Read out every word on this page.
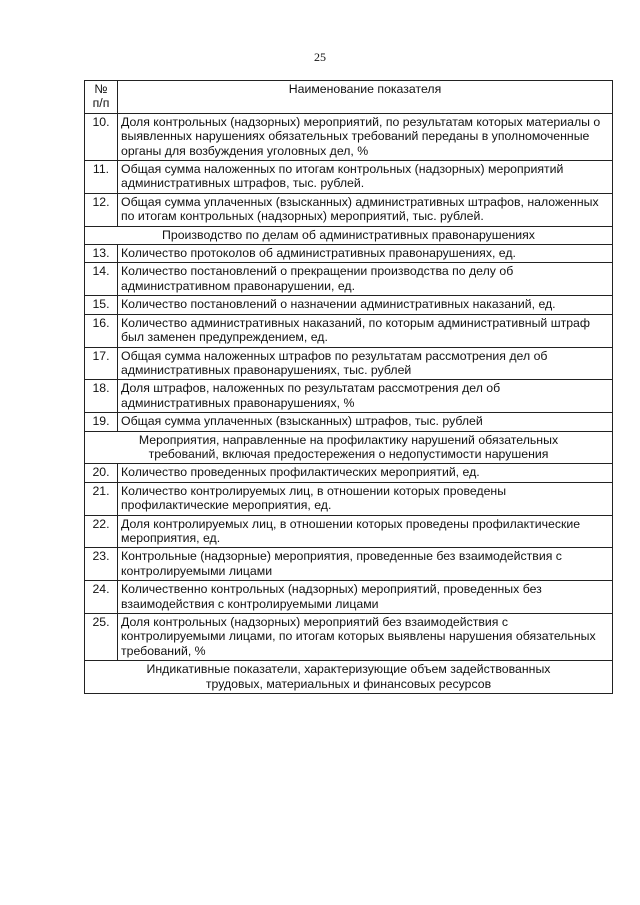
25
№
п/п	Наименование показателя
10.	Доля контрольных (надзорных) мероприятий, по результатам которых материалы о выявленных нарушениях обязательных требований переданы в уполномоченные органы для возбуждения уголовных дел, %
11.	Общая сумма наложенных по итогам контрольных (надзорных) мероприятий административных штрафов, тыс. рублей.
12.	Общая сумма уплаченных (взысканных) административных штрафов, наложенных по итогам контрольных (надзорных) мероприятий, тыс. рублей.

Производство по делам об административных правонарушениях	

13.	Количество протоколов об административных правонарушениях, ед.
14.	Количество постановлений о прекращении производства по делу об административном правонарушении, ед.
15.	Количество постановлений о назначении административных наказаний, ед.
16.	Количество административных наказаний, по которым административный штраф был заменен предупреждением, ед.
17.	Общая сумма наложенных штрафов по результатам рассмотрения дел об административных правонарушениях, тыс. рублей
18.	Доля штрафов, наложенных по результатам рассмотрения дел об административных правонарушениях, %
19.	Общая сумма уплаченных (взысканных) штрафов, тыс. рублей

Мероприятия, направленные на профилактику нарушений обязательных
требований, включая предостережения о недопустимости нарушения	

20.	Количество проведенных профилактических мероприятий, ед.
21.	Количество контролируемых лиц, в отношении которых проведены профилактические мероприятия, ед.
22.	Доля контролируемых лиц, в отношении которых проведены профилактические мероприятия, ед.
23.	Контрольные (надзорные) мероприятия, проведенные без взаимодействия с контролируемыми лицами
24.	Количественно контрольных (надзорных) мероприятий, проведенных без взаимодействия с контролируемыми лицами
25.	Доля контрольных (надзорных) мероприятий без взаимодействия с контролируемыми лицами, по итогам которых выявлены нарушения обязательных требований, %

Индикативные показатели, характеризующие объем задействованных
трудовых, материальных и финансовых ресурсов	
